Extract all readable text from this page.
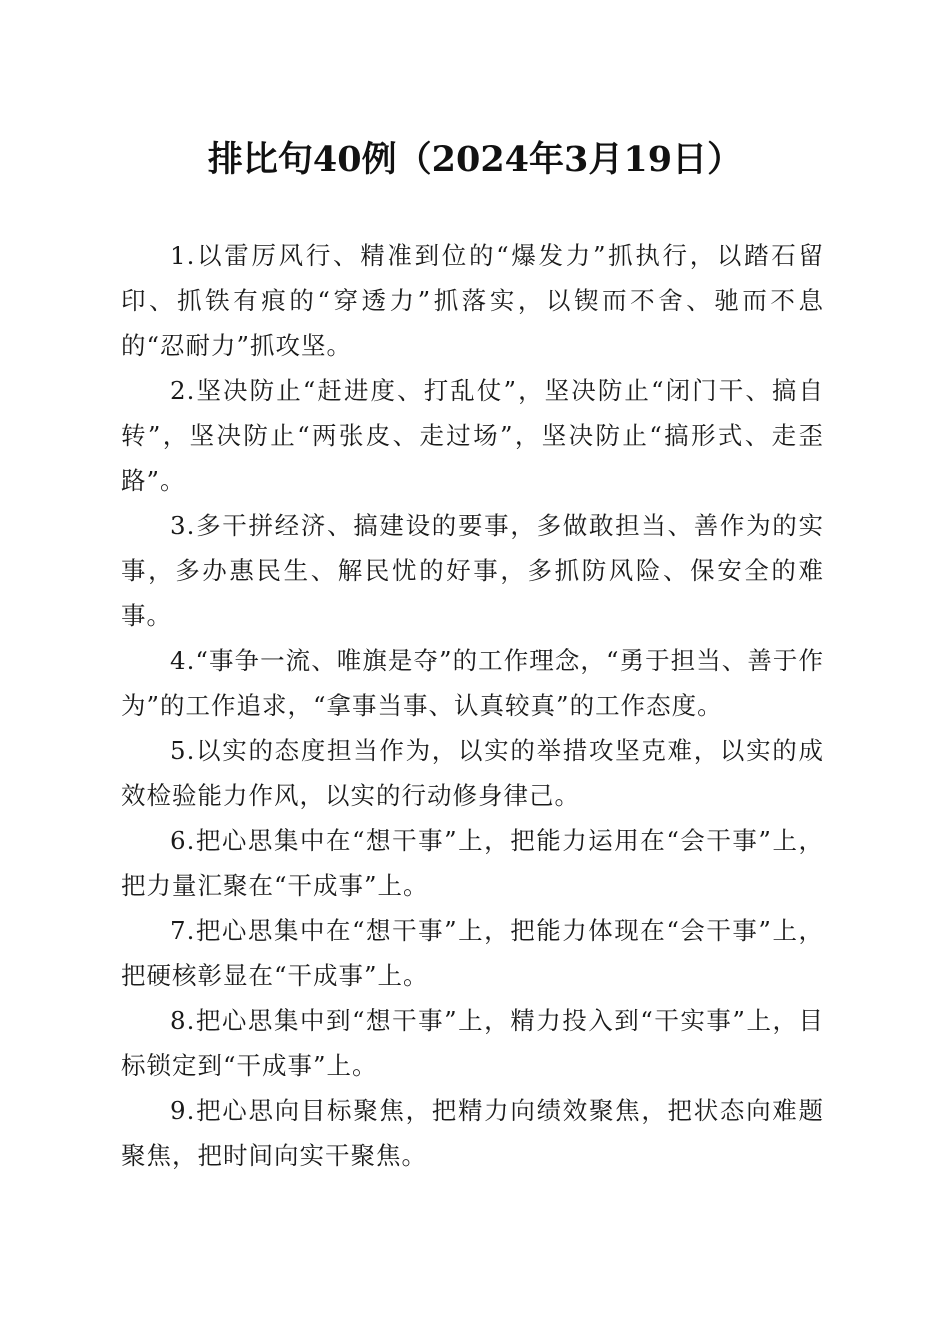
排比句40例（2024年3月19日）

1.以雷厉风行、精准到位的“爆发力”抓执行，以踏石留印、抓铁有痕的“穿透力”抓落实，以锲而不舍、驰而不息的“忍耐力”抓攻坚。

2.坚决防止“赶进度、打乱仗”，坚决防止“闭门干、搞自转”，坚决防止“两张皮、走过场”，坚决防止“搞形式、走歪路”。

3.多干拼经济、搞建设的要事，多做敢担当、善作为的实事，多办惠民生、解民忧的好事，多抓防风险、保安全的难事。

4.“事争一流、唯旗是夺”的工作理念，“勇于担当、善于作为”的工作追求，“拿事当事、认真较真”的工作态度。

5.以实的态度担当作为，以实的举措攻坚克难，以实的成效检验能力作风，以实的行动修身律己。

6.把心思集中在“想干事”上，把能力运用在“会干事”上，把力量汇聚在“干成事”上。

7.把心思集中在“想干事”上，把能力体现在“会干事”上，把硬核彰显在“干成事”上。

8.把心思集中到“想干事”上，精力投入到“干实事”上，目标锁定到“干成事”上。

9.把心思向目标聚焦，把精力向绩效聚焦，把状态向难题聚焦，把时间向实干聚焦。
